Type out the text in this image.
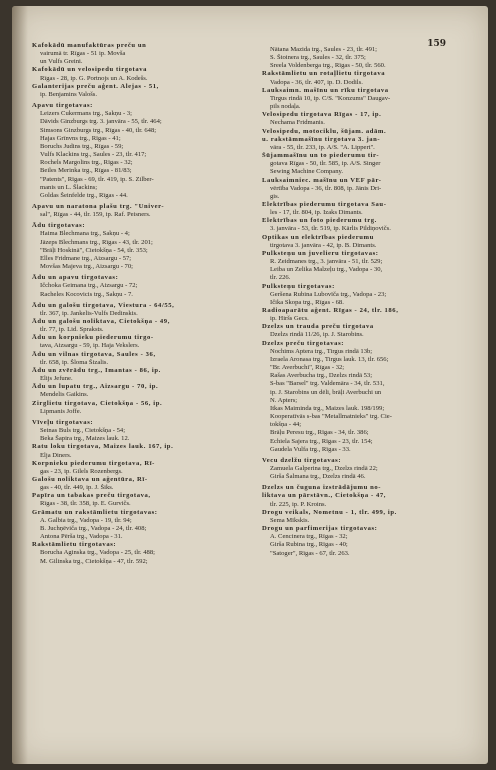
159
Kafokādū manufaktūras preču un
vairumā tr. Rīgas - 51 ip. Movša
un Vulfs Greini.
Kafokādū un velosipedu tirgotava
Rīgas - 28, ip. G. Portnojs un A. Kodešs.
Galanterijas preču aģent. Alejas - 51,
ip. Benjamins Valošs.
Apavu tirgotavas:
Leizers Cukermans trg., Sakņu - 3;
Dāvids Ginzburgs trg. 3. janvāra - 55, tlr. 464;
Simsons Ginzburgs trg., Rīgas - 40, tlr. 648;
Hajas Grīnvns trg., Rīgas - 41;
Boruchs Judins trg., Rīgas - 59;
Vulfs Klackins trg., Saules - 23, tlr. 417;
Rochels Margolins trg., Rīgas - 32;
Beiles Merinka trg., Rīgas - 81/83;
"Patents", Rīgas - 69, tlr. 419, ip. S. Zilber-
manis un L. Šlackins;
Goldas Šeinfelde trg., Rīgas - 44.
Apavu un naratona plašu trg. "Univer-
sal", Rīgas - 44, tlr. 159, ip. Raf. Peisners.
Ādu tirgotavas:
Haima Blechmana trg., Sakņu - 4;
Jāzeps Blechmans trg., Rīgas - 43, tlr. 201;
"Brāļi Hoskinā", Cietokšņa - 54, tlr. 353;
Elles Fridmane trg., Aizsargu - 57;
Movšas Majeva trg., Aizsargu - 70;
Ādu un apavu tirgotavas:
Ičchoka Geimana trg., Aizsargu - 72;
Racheles Kocovicis trg., Sakņu - 7.
Ādu un galošu tirgotava, Viestura - 64/55,
tlr. 367, ip. Jankelis-Vulfs Dedinskis.
Ādu un galošu noliktava, Cietokšņa - 49,
tlr. 77, ip. Lid. Spraksts.
Ādu un korpnieku piederumu tirgo-
tava, Aizsargu - 59, ip. Haja Vekslers.
Ādu un vilnas tirgotava, Saules - 36,
tlr. 658, ip. Šloma Šizalis.
Ādu un zvērādu trg., Imantas - 86, ip.
Elijs Jefune.
Ādu un lupatu trg., Aizsargu - 70, ip.
Mendelis Gaikins.
Zirglietu tirgotava, Cietokšņa - 56, ip.
Lipmanis Joffe.
Vīveļu tirgotavas:
Seinas Buls trg., Cietokšņa - 54;
Beka Šapira trg., Maizes lauk. 12.
Ratu loku tirgotava, Maizes lauk. 167, ip.
Elja Diners.
Korpnieku piederumu tirgotava, Rī-
gas - 23, ip. Gilels Rozenbergs.
Galošu noliktava un aģentūra, Rī-
gas - 40, tlr. 449, ip. J. Šiks.
Papīra un tabakas preču tirgotava,
Rīgas - 38, tlr. 358, ip. E. Gurvičs.
Grāmatu un rakstāmlietu tirgotavas:
A. Galbia trg., Vadopa - 19, tlr. 94;
B. Juchņēviča trg., Vadopa - 24, tlr. 408;
Antona Pērša trg., Vadopa - 31.
Rakstāmlietu tirgotavas:
Borucha Aginska trg., Vadopa - 25, tlr. 488;
M. Gilinska trg., Cietokšņa - 47, tlr. 592;
Nātana Mazida trg., Saules - 23, tlr. 491;
S. Štoinera trg., Saules - 32, tlr. 375;
Sreela Voldenberga trg., Rīgas - 50, tlr. 560.
Rakstāmlietu un rotaļlietu tirgotava
Vadopa - 36, tlr. 407, ip. D. Dodils.
Lauksaimn. mašīnu un rīku tirgotava
Tirgus rindā 10, ip. C/S. "Konzums" Daugav-
pils nodaļa.
Velosipedu tirgotava Rīgas - 17, ip.
Nechama Fridmanis.
Velosipedu, motociklu, šūjam. adām.
u. rakstāmmašīnu tirgotava 3. jan-
vāra - 55, tlr. 233, ip. A/S. "A. Lippert".
Šūjammašīnu un to piederumu tir-
gotava Rīgas - 50, tlr. 585, ip. A/S. Singer
Sewing Machine Company.
Lauksaimniec. mašīnu un VEF pār-
vērtība Vadopa - 36, tlr. 808, ip. Jānis Dri-
gis.
Elektrības piederumu tirgotava Sau-
les - 17, tlr. 804, ip. Izaks Dimants.
Elektrības un foto piederumu trg.
3. janvāra - 53, tlr. 519, ip. Kārlis Pildiņovičs.
Optikas un elektrības piederumu
tirgotava 3. janvāra - 42, ip. B. Dimants.
Pulksteņu un juvelieru tirgotavas:
R. Zeidmanes trg., 3. janvāra - 51, tlr. 529;
Leiba un Zelika Malzeļu trg., Vadopa - 30,
tlr. 226.
Pulksteņu tirgotavas:
Geršena Rubina Lubovīča trg., Vadopa - 23;
Ičika Skopa trg., Rīgas - 68.
Radioaparātu aģent. Rīgas - 24, tlr. 186,
ip. Hiršs Gecs.
Dzelzs un trauda preču tirgotava
Dzelzs rindā 11/26, ip. J. Starobins.
Dzelzs preču tirgotavas:
Nochims Aptera trg., Tirgus rindā 13b;
Izraela Aronasa trg., Tirgus lauk. 13, tlr. 656;
"Br. Averbuchi", Rīgas - 32;
Rašas Averbucha trg., Dzelzs rindā 53;
S-bas "Barsel" trg. Valdemāra - 34, tlr. 531,
ip. J. Starobins un dēli, brāļi Averbuchi un
N. Apters;
Itkas Maiminda trg., Maizes lauk. 198/199;
Kooperatīvās s-bas "Metallmatnieks" trg. Cie-
tokšņa - 44;
Brāļu Peresu trg., Rīgas - 34, tlr. 386;
Echiela Sajera trg., Rīgas - 23, tlr. 154;
Gaudela Vulfa trg., Rīgas - 33.
Vecu dzelžu tirgotavas:
Zamuela Galperina trg., Dzelzs rindā 22;
Girša Šalmana trg., Dzelzs rindā 46.
Dzelzs un čuguna izstrādājumu no-
liktava un pārstāvn., Cietokšņa - 47,
tlr. 225, ip. P. Kroins.
Drogu veikals, Nometnu - 1, tlr. 499, ip.
Sema Mīkskis.
Drogu un parfimerijas tirgotavas:
A. Cencinera trg., Rīgas - 32;
Girša Rubina trg., Rīgas - 40;
"Satoger", Rīgas - 67, tlr. 263.
